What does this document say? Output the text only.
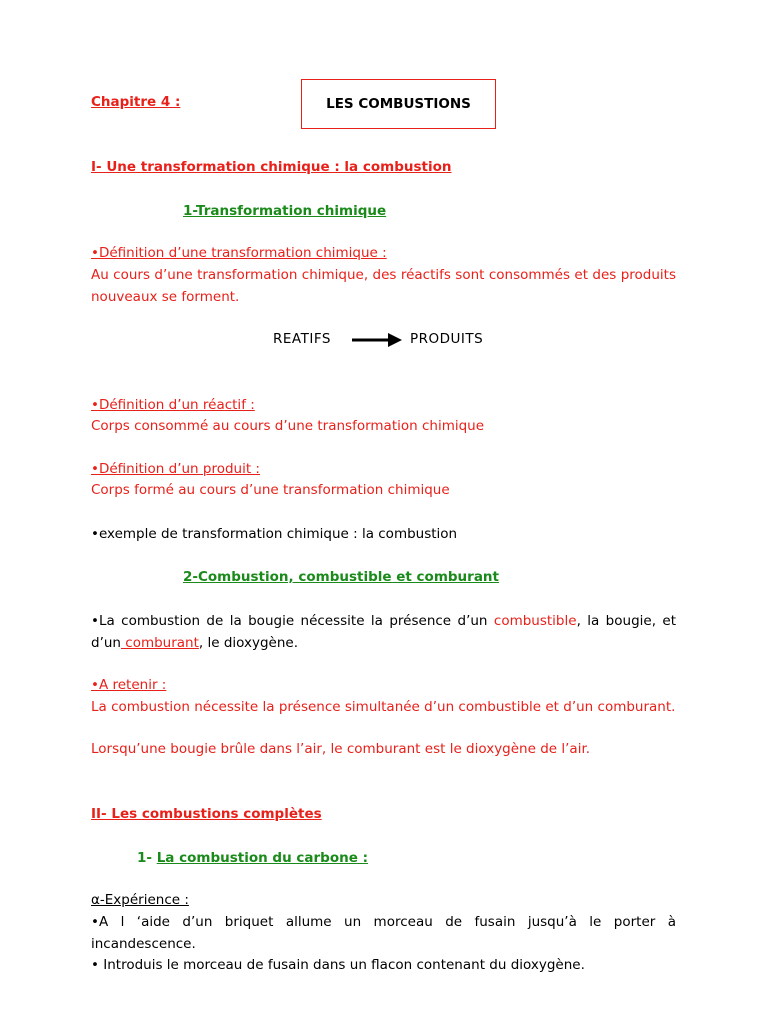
Chapitre 4 :	LES COMBUSTIONS
I- Une transformation chimique : la combustion
1-Transformation chimique
•Définition d’une transformation chimique :
Au cours d’une transformation chimique, des réactifs sont consommés et des produits nouveaux se forment.
REATIFS	PRODUITS
•Définition d’un réactif :
Corps consommé au cours d’une transformation chimique
•Définition d’un produit :
Corps formé au cours d’une transformation chimique
•exemple de transformation chimique : la combustion
2-Combustion, combustible et comburant
•La combustion de la bougie nécessite la présence d’un combustible, la bougie, et d’un comburant, le dioxygène.
•A retenir :
La combustion nécessite la présence simultanée d’un combustible et d’un comburant.
Lorsqu’une bougie brûle dans l’air, le comburant est le dioxygène de l’air.
II- Les combustions complètes
1- La combustion du carbone :
α-Expérience :
•A l ‘aide d’un briquet allume un morceau de fusain jusqu’à le porter à incandescence.
• Introduis le morceau de fusain dans un flacon contenant du dioxygène.
